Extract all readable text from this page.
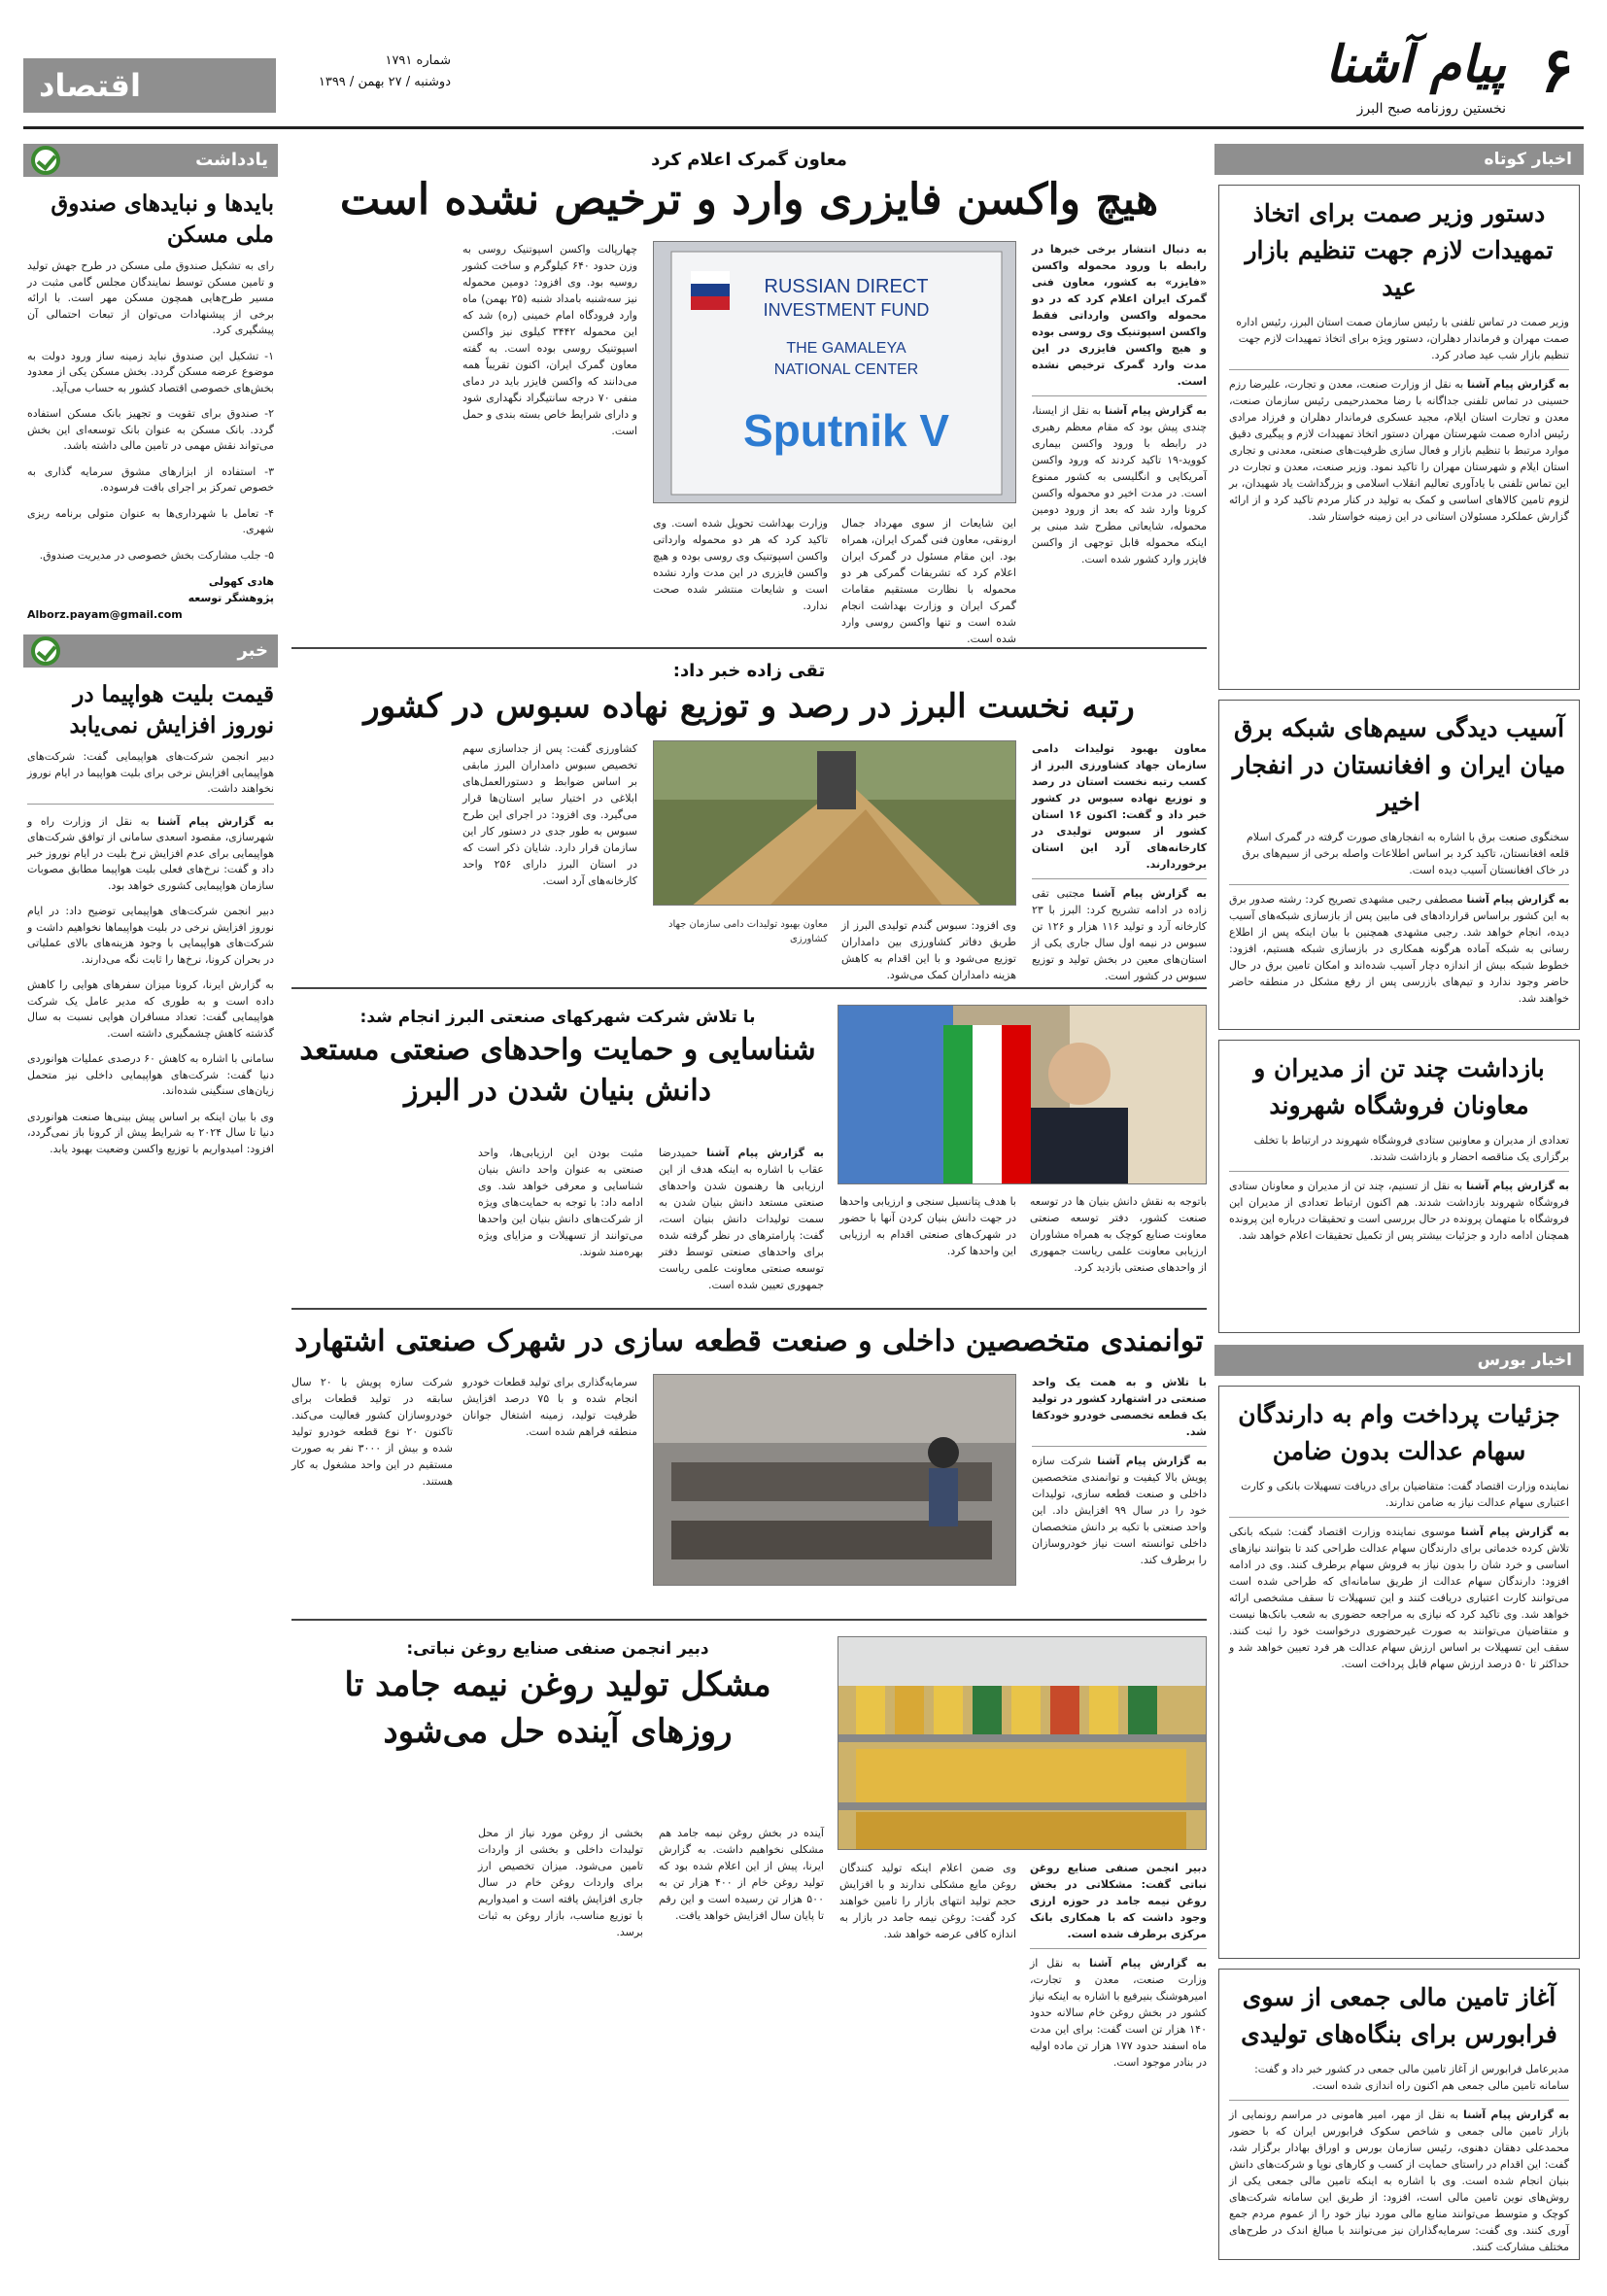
۶
پیام آشنا
نخستین روزنامه صبح البرز
شماره ۱۷۹۱
دوشنبه / ۲۷ بهمن / ۱۳۹۹
اقتصاد
اخبار کوتاه
دستور وزیر صمت برای اتخاذ تمهیدات لازم جهت تنظیم بازار عید
وزیر صمت در تماس تلفنی با رئیس سازمان صمت استان البرز، رئیس اداره صمت مهران و فرماندار دهلران، دستور ویژه برای اتخاذ تمهیدات لازم جهت تنظیم بازار شب عید صادر کرد.
به گزارش پیام آشنا به نقل از وزارت صنعت، معدن و تجارت، علیرضا رزم حسینی در تماس تلفنی جداگانه با رضا محمدرحیمی رئیس سازمان صنعت، معدن و تجارت استان ایلام، مجید عسکری فرماندار دهلران و فرزاد مرادی رئیس اداره صمت شهرستان مهران دستور اتخاذ تمهیدات لازم و پیگیری دقیق موارد مرتبط با تنظیم بازار و فعال سازی ظرفیت‌های صنعتی، معدنی و تجاری استان ایلام و شهرستان مهران را تاکید نمود. وزیر صنعت، معدن و تجارت در این تماس تلفنی با یادآوری تعالیم انقلاب اسلامی و بزرگداشت یاد شهیدان، بر لزوم تامین کالاهای اساسی و کمک به تولید در کنار مردم تاکید کرد و از ارائه گزارش عملکرد مسئولان استانی در این زمینه خواستار شد.
آسیب دیدگی سیم‌های شبکه برق میان ایران و افغانستان در انفجار اخیر
سخنگوی صنعت برق با اشاره به انفجارهای صورت گرفته در گمرک اسلام قلعه افغانستان، تاکید کرد بر اساس اطلاعات واصله برخی از سیم‌های برق در خاک افغانستان آسیب دیده است.
به گزارش پیام آشنا مصطفی رجبی مشهدی تصریح کرد: رشته صدور برق به این کشور براساس قراردادهای فی مابین پس از بازسازی شبکه‌های آسیب دیده، انجام خواهد شد. رجبی مشهدی همچنین با بیان اینکه پس از اطلاع رسانی به شبکه آماده هرگونه همکاری در بازسازی شبکه هستیم، افزود: خطوط شبکه بیش از اندازه دچار آسیب شده‌اند و امکان تامین برق در حال حاضر وجود ندارد و تیم‌های بازرسی پس از رفع مشکل در منطقه حاضر خواهند شد.
بازداشت چند تن از مدیران و معاونان فروشگاه شهروند
تعدادی از مدیران و معاونین ستادی فروشگاه شهروند در ارتباط با تخلف برگزاری یک مناقصه احضار و بازداشت شدند.
به گزارش پیام آشنا به نقل از تسنیم، چند تن از مدیران و معاونان ستادی فروشگاه شهروند بازداشت شدند. هم اکنون ارتباط تعدادی از مدیران این فروشگاه با متهمان پرونده در حال بررسی است و تحقیقات درباره این پرونده همچنان ادامه دارد و جزئیات بیشتر پس از تکمیل تحقیقات اعلام خواهد شد.
اخبار بورس
جزئیات پرداخت وام به دارندگان سهام عدالت بدون ضامن
نماینده وزارت اقتصاد گفت: متقاضیان برای دریافت تسهیلات بانکی و کارت اعتباری سهام عدالت نیاز به ضامن ندارند.
به گزارش پیام آشنا موسوی نماینده وزارت اقتصاد گفت: شبکه بانکی تلاش کرده خدماتی برای دارندگان سهام عدالت طراحی کند تا بتوانند نیازهای اساسی و خرد شان را بدون نیاز به فروش سهام برطرف کنند. وی در ادامه افزود: دارندگان سهام عدالت از طریق سامانه‌ای که طراحی شده است می‌توانند کارت اعتباری دریافت کنند و این تسهیلات تا سقف مشخصی ارائه خواهد شد. وی تاکید کرد که نیازی به مراجعه حضوری به شعب بانک‌ها نیست و متقاضیان می‌توانند به صورت غیرحضوری درخواست خود را ثبت کنند. سقف این تسهیلات بر اساس ارزش سهام عدالت هر فرد تعیین خواهد شد و حداکثر تا ۵۰ درصد ارزش سهام قابل پرداخت است.
آغاز تامین مالی جمعی از سوی فرابورس برای بنگاه‌های تولیدی
مدیرعامل فرابورس از آغاز تامین مالی جمعی در کشور خبر داد و گفت: سامانه تامین مالی جمعی هم اکنون راه اندازی شده است.
به گزارش پیام آشنا به نقل از مهر، امیر هامونی در مراسم رونمایی از بازار تامین مالی جمعی و شاخص سکوک فرابورس ایران که با حضور محمدعلی دهقان دهنوی، رئیس سازمان بورس و اوراق بهادار برگزار شد، گفت: این اقدام در راستای حمایت از کسب و کارهای نوپا و شرکت‌های دانش بنیان انجام شده است. وی با اشاره به اینکه تامین مالی جمعی یکی از روش‌های نوین تامین مالی است، افزود: از طریق این سامانه شرکت‌های کوچک و متوسط می‌توانند منابع مالی مورد نیاز خود را از عموم مردم جمع آوری کنند. وی گفت: سرمایه‌گذاران نیز می‌توانند با مبالغ اندک در طرح‌های مختلف مشارکت کنند.
یادداشت
باید‌ها و نباید‌های صندوق ملی مسکن

رای به تشکیل صندوق ملی مسکن در طرح جهش تولید و تامین مسکن توسط نمایندگان مجلس گامی مثبت در مسیر طرح‌هایی همچون مسکن مهر است. با ارائه برخی از پیشنهادات می‌توان از تبعات احتمالی آن پیشگیری کرد.

۱- تشکیل این صندوق نباید زمینه ساز ورود دولت به موضوع عرضه مسکن گردد. بخش مسکن یکی از معدود بخش‌های خصوصی اقتصاد کشور به حساب می‌آید.

۲- صندوق برای تقویت و تجهیز بانک مسکن استفاده گردد. بانک مسکن به عنوان بانک توسعه‌ای این بخش می‌تواند نقش مهمی در تامین مالی داشته باشد.

۳- استفاده از ابزارهای مشوق سرمایه گذاری به خصوص تمرکز بر اجرای بافت فرسوده.

۴- تعامل با شهرداری‌ها به عنوان متولی برنامه ریزی شهری.

۵- جلب مشارکت بخش خصوصی در مدیریت صندوق.

هادی کهولی
پژوهشگر توسعه
Alborz.payam@gmail.com
خبر
قیمت بلیت هواپیما در نوروز افزایش نمی‌یابد

دبیر انجمن شرکت‌های هواپیمایی گفت: شرکت‌های هواپیمایی افزایش نرخی برای بلیت هواپیما در ایام نوروز نخواهند داشت.

به گزارش پیام آشنا به نقل از وزارت راه و شهرسازی، مقصود اسعدی سامانی از توافق شرکت‌های هواپیمایی برای عدم افزایش نرخ بلیت در ایام نوروز خبر داد و گفت: نرخ‌های فعلی بلیت هواپیما مطابق مصوبات سازمان هواپیمایی کشوری خواهد بود.

دبیر انجمن شرکت‌های هواپیمایی توضیح داد: در ایام نوروز افزایش نرخی در بلیت هواپیماها نخواهیم داشت و شرکت‌های هواپیمایی با وجود هزینه‌های بالای عملیاتی در بحران کرونا، نرخ‌ها را ثابت نگه می‌دارند.

به گزارش ایرنا، کرونا میزان سفرهای هوایی را کاهش داده است و به طوری که مدیر عامل یک شرکت هواپیمایی گفت: تعداد مسافران هوایی نسبت به سال گذشته کاهش چشمگیری داشته است.

سامانی با اشاره به کاهش ۶۰ درصدی عملیات هوانوردی دنیا گفت: شرکت‌های هواپیمایی داخلی نیز متحمل زیان‌های سنگینی شده‌اند.

وی با بیان اینکه بر اساس پیش بینی‌ها صنعت هوانوردی دنیا تا سال ۲۰۲۴ به شرایط پیش از کرونا باز نمی‌گردد، افزود: امیدواریم با توزیع واکسن وضعیت بهبود یابد.

معاون گمرک اعلام کرد
هیچ واکسن فایزری وارد و ترخیص نشده است
به دنبال انتشار برخی خبرها در رابطه با ورود محموله واکسن «فایزر» به کشور، معاون فنی گمرک ایران اعلام کرد که در دو محموله واکسن وارداتی فقط واکسن اسپوتنیک وی روسی بوده و هیچ واکسن فایزری در این مدت وارد گمرک ترخیص نشده است.
به گزارش پیام آشنا به نقل از ایسنا، چندی پیش بود که مقام معظم رهبری در رابطه با ورود واکسن بیماری کووید-۱۹ تاکید کردند که ورود واکسن آمریکایی و انگلیسی به کشور ممنوع است. در مدت اخیر دو محموله واکسن کرونا وارد شد که بعد از ورود دومین محموله، شایعاتی مطرح شد مبنی بر اینکه محموله قابل توجهی از واکسن فایزر وارد کشور شده است.
RUSSIAN DIRECT
INVESTMENT FUND
THE GAMALEYA
NATIONAL CENTER
Sputnik V
این شایعات از سوی مهرداد جمال ارونقی، معاون فنی گمرک ایران، همراه بود. این مقام مسئول در گمرک ایران اعلام کرد که تشریفات گمرکی هر دو محموله با نظارت مستقیم مقامات گمرک ایران و وزارت بهداشت انجام شده است و تنها واکسن روسی وارد شده است.
وزارت بهداشت تحویل شده است. وی تاکید کرد که هر دو محموله وارداتی واکسن اسپوتنیک وی روسی بوده و هیچ واکسن فایزری در این مدت وارد نشده است و شایعات منتشر شده صحت ندارد.
چهارپالت واکسن اسپوتنیک روسی به وزن حدود ۶۴۰ کیلوگرم و ساخت کشور روسیه بود. وی افزود: دومین محموله نیز سه‌شنبه بامداد شنبه (۲۵ بهمن) ماه وارد فرودگاه امام خمینی (ره) شد که این محموله ۳۴۴۲ کیلوی نیز واکسن اسپوتنیک روسی بوده است. به گفته معاون گمرک ایران، اکنون تقریباً همه می‌دانند که واکسن فایزر باید در دمای منفی ۷۰ درجه سانتیگراد نگهداری شود و دارای شرایط خاص بسته بندی و حمل است.
تقی زاده خبر داد:
رتبه نخست البرز در رصد و توزیع نهاده سبوس در کشور
معاون بهبود تولیدات دامی سازمان جهاد کشاورزی البرز از کسب رتبه نخست استان در رصد و توزیع نهاده سبوس در کشور خبر داد و گفت: اکنون ۱۶ استان کشور از سبوس تولیدی در کارخانه‌های آرد این استان برخوردارند.
به گزارش پیام آشنا مجتبی تقی زاده در ادامه تشریح کرد: البرز با ۲۳ کارخانه آرد و تولید ۱۱۶ هزار و ۱۲۶ تن سبوس در نیمه اول سال جاری یکی از استان‌های معین در بخش تولید و توزیع سبوس در کشور است.
وی افزود: سبوس گندم تولیدی البرز از طریق دفاتر کشاورزی بین دامداران توزیع می‌شود و با این اقدام به کاهش هزینه دامداران کمک می‌شود.
معاون بهبود تولیدات دامی سازمان جهاد کشاورزی
کشاورزی گفت: پس از جداسازی سهم تخصیص سبوس دامداران البرز مابقی بر اساس ضوابط و دستورالعمل‌های ابلاغی در اختیار سایر استان‌ها قرار می‌گیرد. وی افزود: در اجرای این طرح سبوس به طور جدی در دستور کار این سازمان قرار دارد. شایان ذکر است که در استان البرز دارای ۲۵۶ واحد کارخانه‌های آرد است.
با تلاش شرکت شهرکهای صنعتی البرز انجام شد:
شناسایی و حمایت واحدهای صنعتی مستعد دانش بنیان شدن در البرز
به گزارش پیام آشنا حمیدرضا عقاب با اشاره به اینکه هدف از این ارزیابی ها رهنمون شدن واحدهای صنعتی مستعد دانش بنیان شدن به سمت تولیدات دانش بنیان است، گفت: پارامترهای در نظر گرفته شده برای واحدهای صنعتی توسط دفتر توسعه صنعتی معاونت علمی ریاست جمهوری تعیین شده است.
مثبت بودن این ارزیابی‌ها، واحد صنعتی به عنوان واحد دانش بنیان شناسایی و معرفی خواهد شد. وی ادامه داد: با توجه به حمایت‌های ویژه از شرکت‌های دانش بنیان این واحدها می‌توانند از تسهیلات و مزایای ویژه بهره‌مند شوند.
باتوجه به نقش دانش بنیان ها در توسعه صنعت کشور، دفتر توسعه صنعتی معاونت صنایع کوچک به همراه مشاوران ارزیابی معاونت علمی ریاست جمهوری از واحدهای صنعتی بازدید کرد.
با هدف پتانسیل سنجی و ارزیابی واحدها در جهت دانش بنیان کردن آنها با حضور در شهرک‌های صنعتی اقدام به ارزیابی این واحدها کرد.
توانمندی متخصصین داخلی و صنعت قطعه سازی در شهرک صنعتی اشتهارد
با تلاش و به همت یک واحد صنعتی در اشتهارد کشور در تولید یک قطعه تخصصی خودرو خودکفا شد.
به گزارش پیام آشنا شرکت سازه پویش بالا کیفیت و توانمندی متخصصین داخلی و صنعت قطعه سازی، تولیدات خود را در سال ۹۹ افزایش داد. این واحد صنعتی با تکیه بر دانش متخصصان داخلی توانسته است نیاز خودروسازان را برطرف کند.
سرمایه‌گذاری برای تولید قطعات خودرو انجام شده و با ۷۵ درصد افزایش ظرفیت تولید، زمینه اشتغال جوانان منطقه فراهم شده است.
شرکت سازه پویش با ۲۰ سال سابقه در تولید قطعات برای خودروسازان کشور فعالیت می‌کند. تاکنون ۲۰ نوع قطعه خودرو تولید شده و بیش از ۳۰۰۰ نفر به صورت مستقیم در این واحد مشغول به کار هستند.
دبیر انجمن صنفی صنایع روغن نباتی:
مشکل تولید روغن نیمه جامد تا روزهای آینده حل می‌شود
آینده در بخش روغن نیمه جامد هم مشکلی نخواهیم داشت. به گزارش ایرنا، پیش از این اعلام شده بود که تولید روغن خام از ۴۰۰ هزار تن به ۵۰۰ هزار تن رسیده است و این رقم تا پایان سال افزایش خواهد یافت.
بخشی از روغن مورد نیاز از محل تولیدات داخلی و بخشی از واردات تامین می‌شود. میزان تخصیص ارز برای واردات روغن خام در سال جاری افزایش یافته است و امیدواریم با توزیع مناسب، بازار روغن به ثبات برسد.
دبیر انجمن صنفی صنایع روغن نباتی گفت: مشکلاتی در بخش روغن نیمه جامد در حوزه ارزی وجود داشت که با همکاری بانک مرکزی برطرف شده است.
به گزارش پیام آشنا به نقل از وزارت صنعت، معدن و تجارت، امیرهوشنگ بنیرفیع با اشاره به اینکه نیاز کشور در بخش روغن خام سالانه حدود ۱۴۰ هزار تن است گفت: برای این مدت ماه اسفند حدود ۱۷۷ هزار تن ماده اولیه در بنادر موجود است.
وی ضمن اعلام اینکه تولید کنندگان روغن مایع مشکلی ندارند و با افزایش حجم تولید انتهای بازار را تامین خواهند کرد گفت: روغن نیمه جامد در بازار به اندازه کافی عرضه خواهد شد.
